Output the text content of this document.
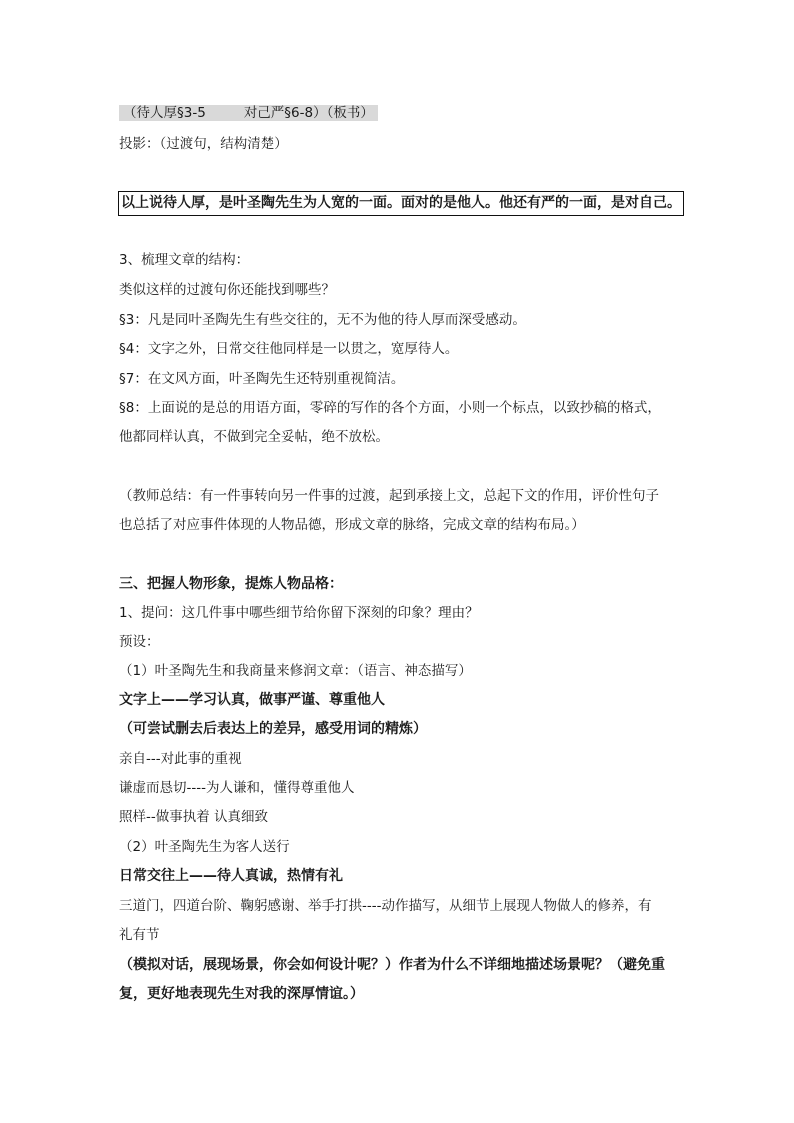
（待人厚§3-5	对己严§6-8）（板书）
投影：（过渡句，结构清楚）
以上说待人厚，是叶圣陶先生为人宽的一面。面对的是他人。他还有严的一面，是对自己。
3、梳理文章的结构：
类似这样的过渡句你还能找到哪些？
§3：凡是同叶圣陶先生有些交往的，无不为他的待人厚而深受感动。
§4：文字之外，日常交往他同样是一以贯之，宽厚待人。
§7：在文风方面，叶圣陶先生还特别重视简洁。
§8：上面说的是总的用语方面，零碎的写作的各个方面，小则一个标点，以致抄稿的格式，
他都同样认真，不做到完全妥帖，绝不放松。
（教师总结：有一件事转向另一件事的过渡，起到承接上文，总起下文的作用，评价性句子
也总括了对应事件体现的人物品德，形成文章的脉络，完成文章的结构布局。）
三、把握人物形象，提炼人物品格：
1、提问：这几件事中哪些细节给你留下深刻的印象？理由？
预设：
（1）叶圣陶先生和我商量来修润文章：（语言、神态描写）
文字上——学习认真，做事严谨、尊重他人
（可尝试删去后表达上的差异，感受用词的精炼）
亲自---对此事的重视
谦虚而恳切----为人谦和，懂得尊重他人
照样--做事执着 认真细致
（2）叶圣陶先生为客人送行
日常交往上——待人真诚，热情有礼
三道门，四道台阶、鞠躬感谢、举手打拱----动作描写，从细节上展现人物做人的修养，有
礼有节
（模拟对话，展现场景，你会如何设计呢？）作者为什么不详细地描述场景呢？（避免重
复，更好地表现先生对我的深厚情谊。）
